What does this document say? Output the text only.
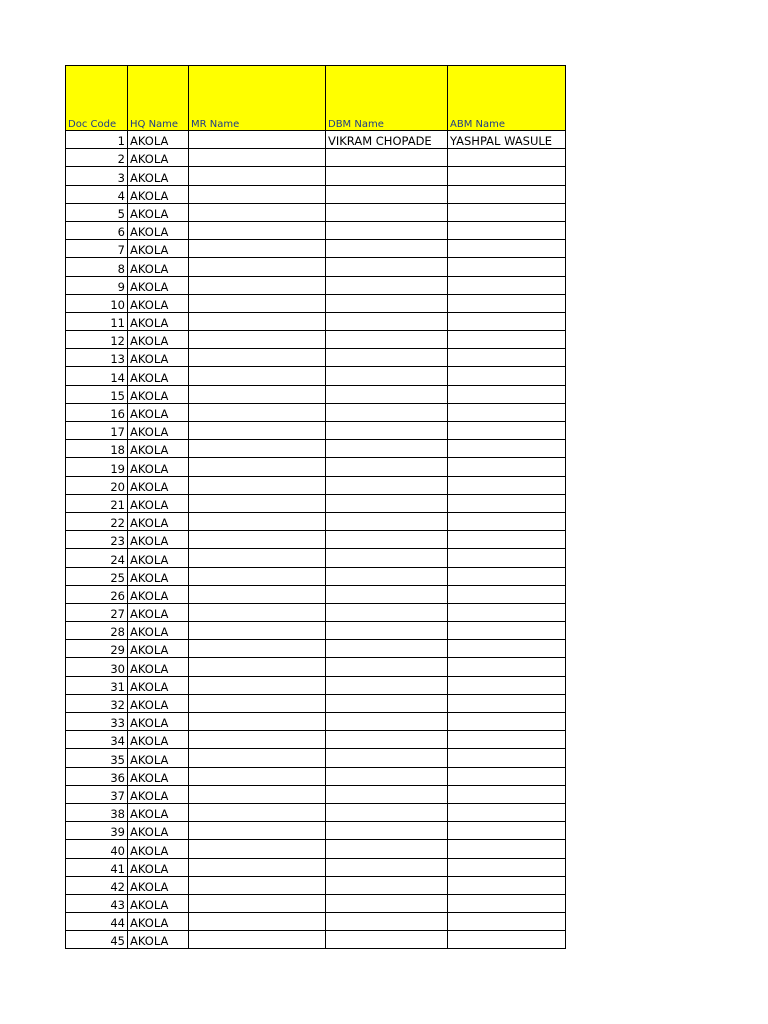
Doc Code	HQ Name	MR Name	DBM Name	ABM Name
1	AKOLA		VIKRAM CHOPADE	YASHPAL WASULE
2	AKOLA			
3	AKOLA			
4	AKOLA			
5	AKOLA			
6	AKOLA			
7	AKOLA			
8	AKOLA			
9	AKOLA			
10	AKOLA			
11	AKOLA			
12	AKOLA			
13	AKOLA			
14	AKOLA			
15	AKOLA			
16	AKOLA			
17	AKOLA			
18	AKOLA			
19	AKOLA			
20	AKOLA			
21	AKOLA			
22	AKOLA			
23	AKOLA			
24	AKOLA			
25	AKOLA			
26	AKOLA			
27	AKOLA			
28	AKOLA			
29	AKOLA			
30	AKOLA			
31	AKOLA			
32	AKOLA			
33	AKOLA			
34	AKOLA			
35	AKOLA			
36	AKOLA			
37	AKOLA			
38	AKOLA			
39	AKOLA			
40	AKOLA			
41	AKOLA			
42	AKOLA			
43	AKOLA			
44	AKOLA			
45	AKOLA			
